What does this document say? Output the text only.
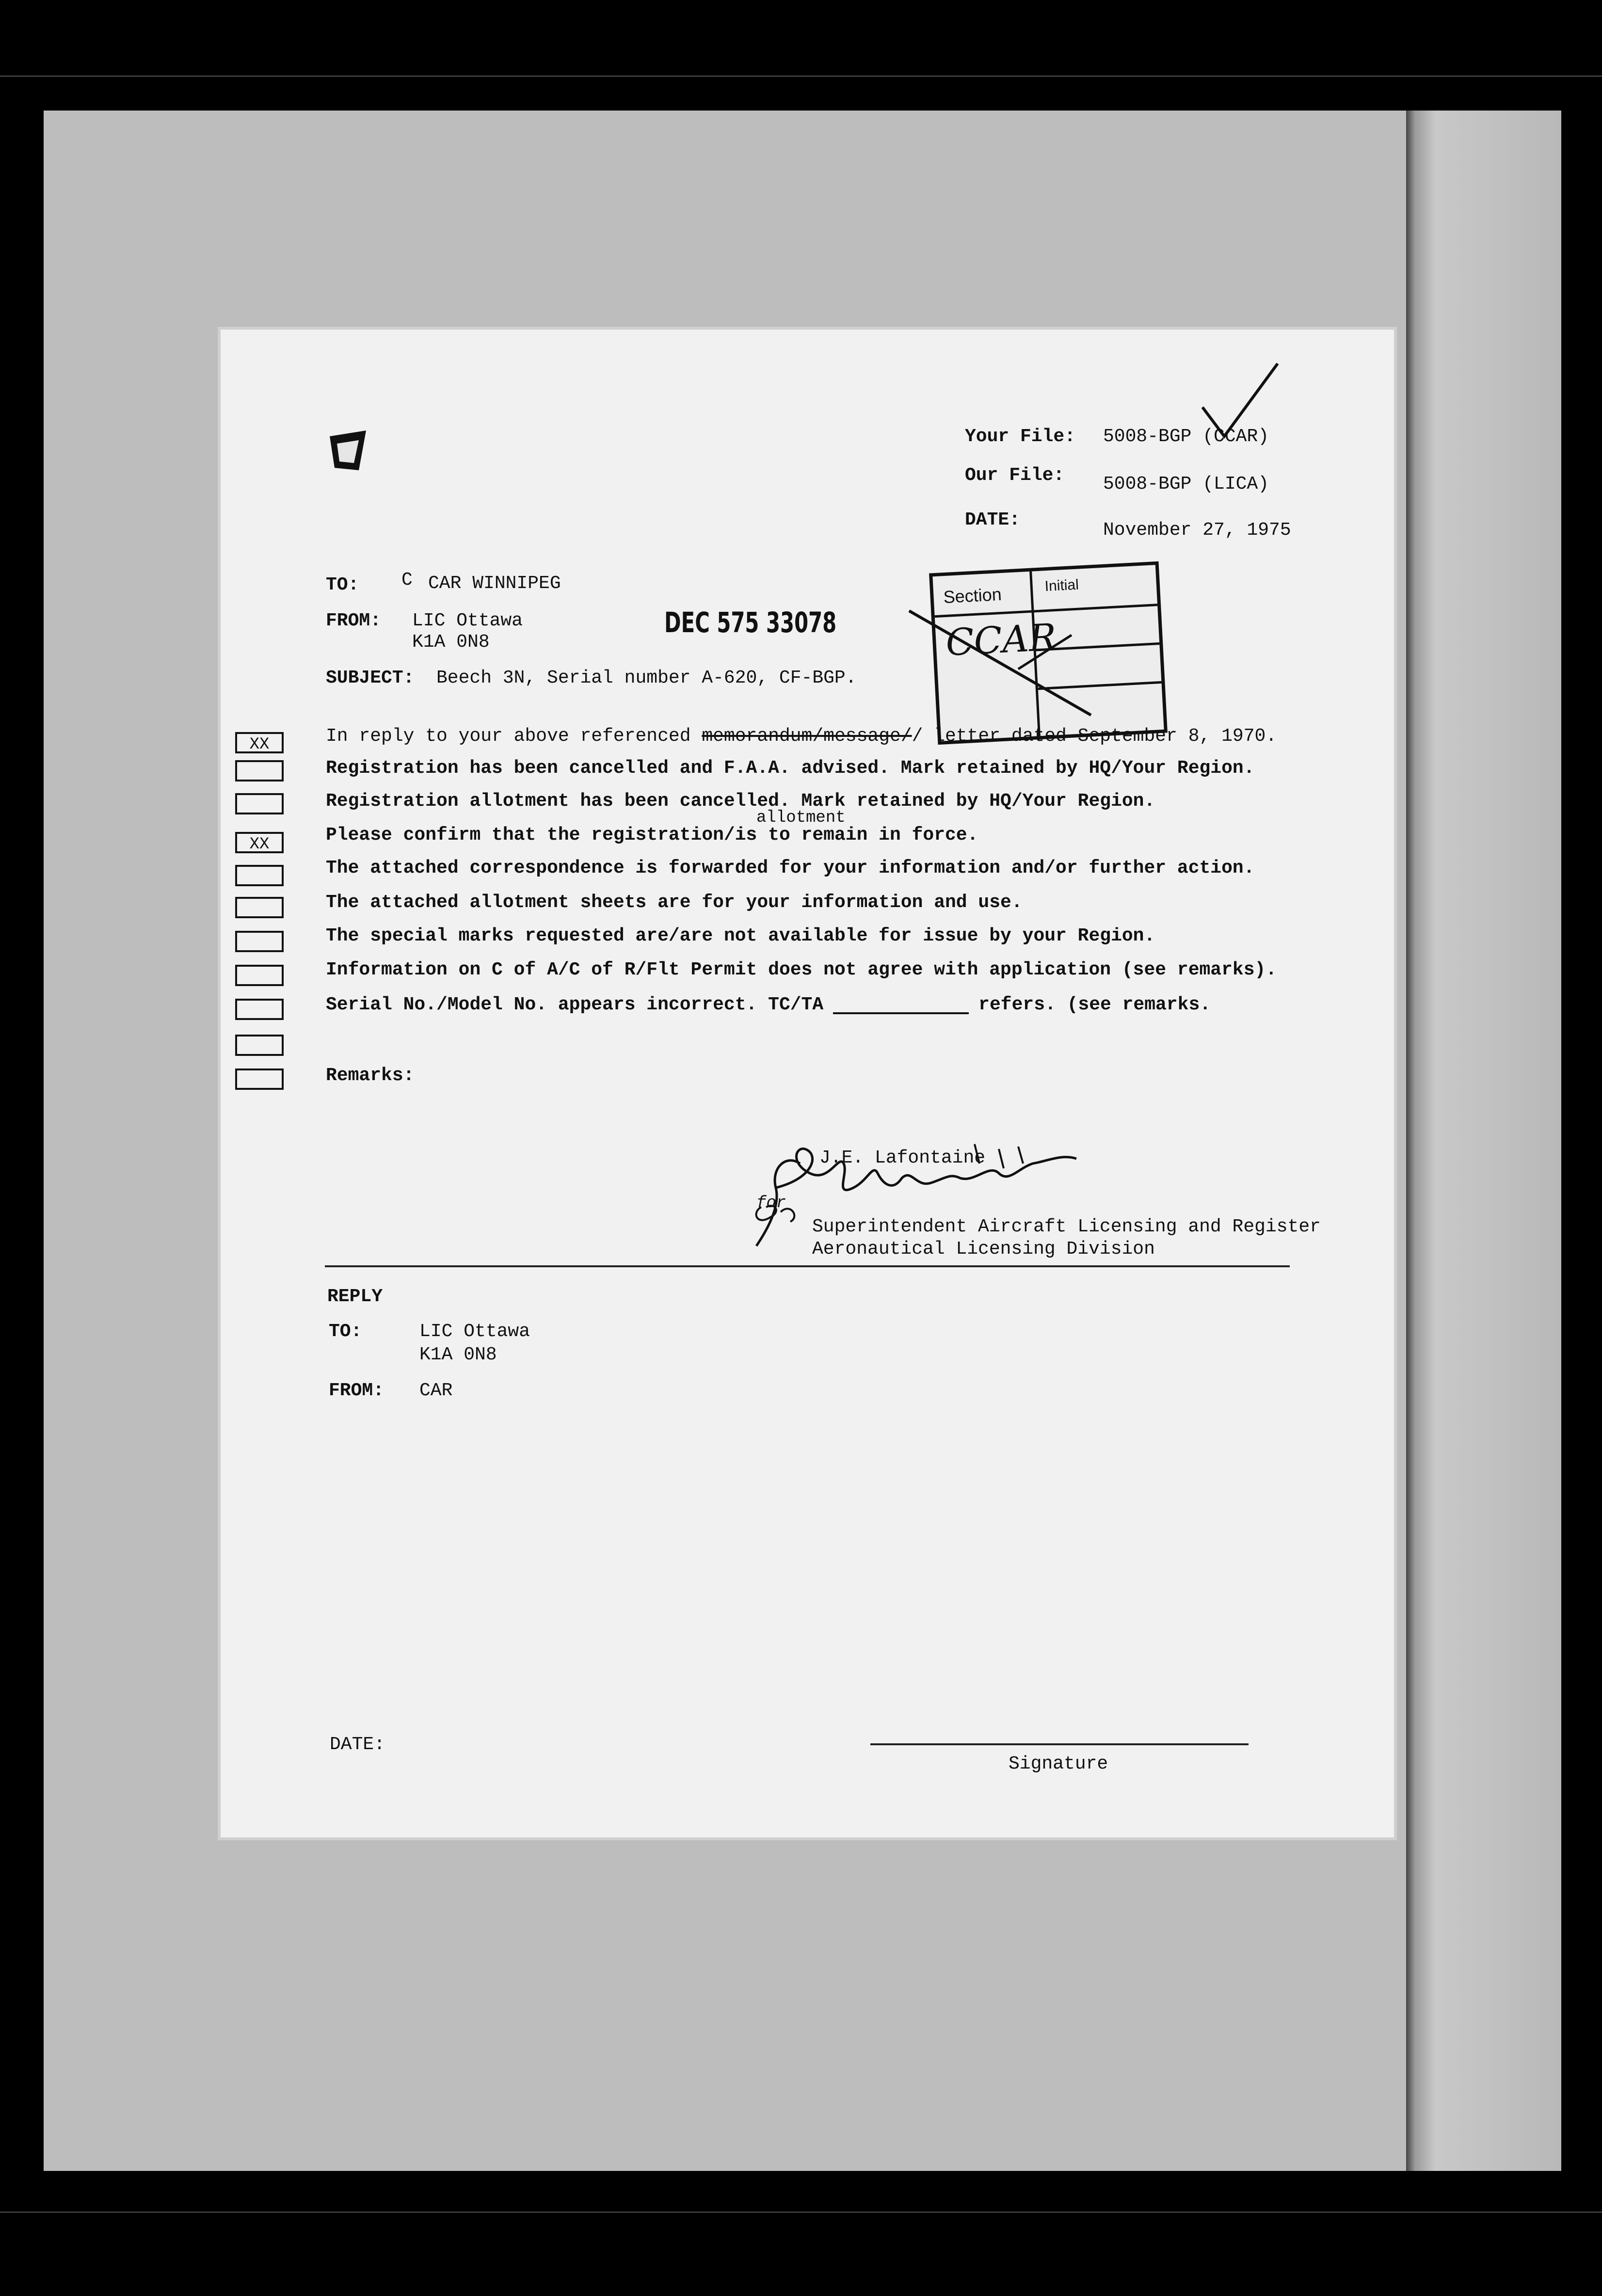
Your File: 5008-BGP (CCAR)
Our File: 5008-BGP (LICA)
DATE:	November 27, 1975
TO: C CAR WINNIPEG
FROM: LIC Ottawa
K1A 0N8
DEC 575 33078
SUBJECT: Beech 3N, Serial number A-620, CF-BGP.
Section	Initial
CCAR
XX	In reply to your above referenced memorandum/message// letter dated September 8, 1970.
Registration has been cancelled and F.A.A. advised. Mark retained by HQ/Your Region.
Registration allotment has been cancelled. Mark retained by HQ/Your Region.
allotment
XX	Please confirm that the registration/is to remain in force.
The attached correspondence is forwarded for your information and/or further action.
The attached allotment sheets are for your information and use.
The special marks requested are/are not available for issue by your Region.
Information on C of A/C of R/Flt Permit does not agree with application (see remarks).
Serial No./Model No. appears incorrect. TC/TA	refers. (see remarks.
Remarks:
for
J.E. Lafontaine
Superintendent Aircraft Licensing and Register
Aeronautical Licensing Division
REPLY
TO:	LIC Ottawa
K1A 0N8
FROM: CAR
DATE:
Signature
